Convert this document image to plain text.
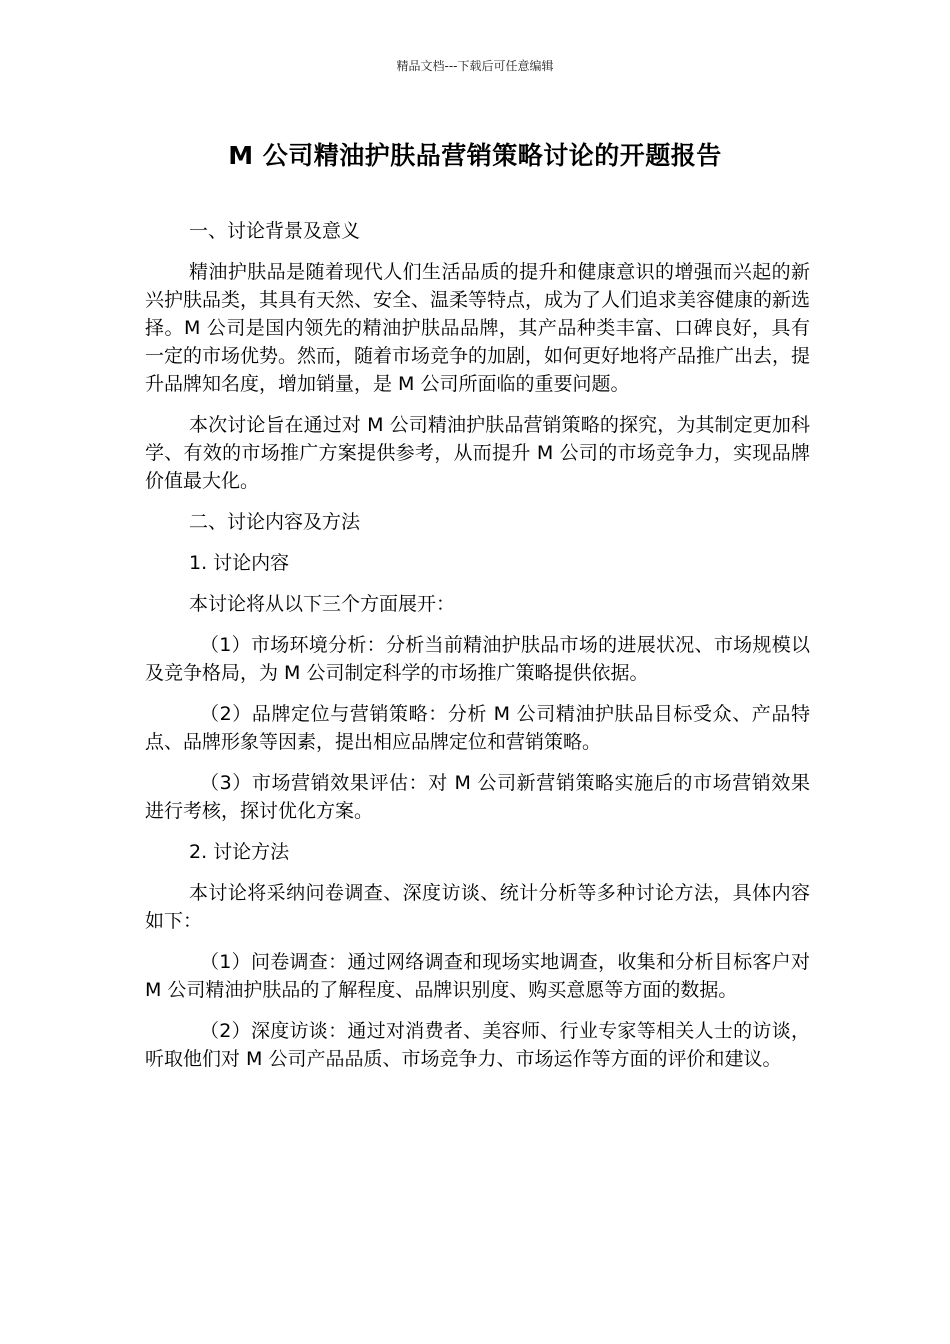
精品文档---下载后可任意编辑
M 公司精油护肤品营销策略讨论的开题报告

一、讨论背景及意义

精油护肤品是随着现代人们生活品质的提升和健康意识的增强而兴起的新兴护肤品类，其具有天然、安全、温柔等特点，成为了人们追求美容健康的新选择。M 公司是国内领先的精油护肤品品牌，其产品种类丰富、口碑良好，具有一定的市场优势。然而，随着市场竞争的加剧，如何更好地将产品推广出去，提升品牌知名度，增加销量，是 M 公司所面临的重要问题。

本次讨论旨在通过对 M 公司精油护肤品营销策略的探究，为其制定更加科学、有效的市场推广方案提供参考，从而提升 M 公司的市场竞争力，实现品牌价值最大化。

二、讨论内容及方法

1. 讨论内容

本讨论将从以下三个方面展开：

（1）市场环境分析：分析当前精油护肤品市场的进展状况、市场规模以及竞争格局，为 M 公司制定科学的市场推广策略提供依据。

（2）品牌定位与营销策略：分析 M 公司精油护肤品目标受众、产品特点、品牌形象等因素，提出相应品牌定位和营销策略。

（3）市场营销效果评估：对 M 公司新营销策略实施后的市场营销效果进行考核，探讨优化方案。

2. 讨论方法

本讨论将采纳问卷调查、深度访谈、统计分析等多种讨论方法，具体内容如下：

（1）问卷调查：通过网络调查和现场实地调查，收集和分析目标客户对 M 公司精油护肤品的了解程度、品牌识别度、购买意愿等方面的数据。

（2）深度访谈：通过对消费者、美容师、行业专家等相关人士的访谈，听取他们对 M 公司产品品质、市场竞争力、市场运作等方面的评价和建议。
